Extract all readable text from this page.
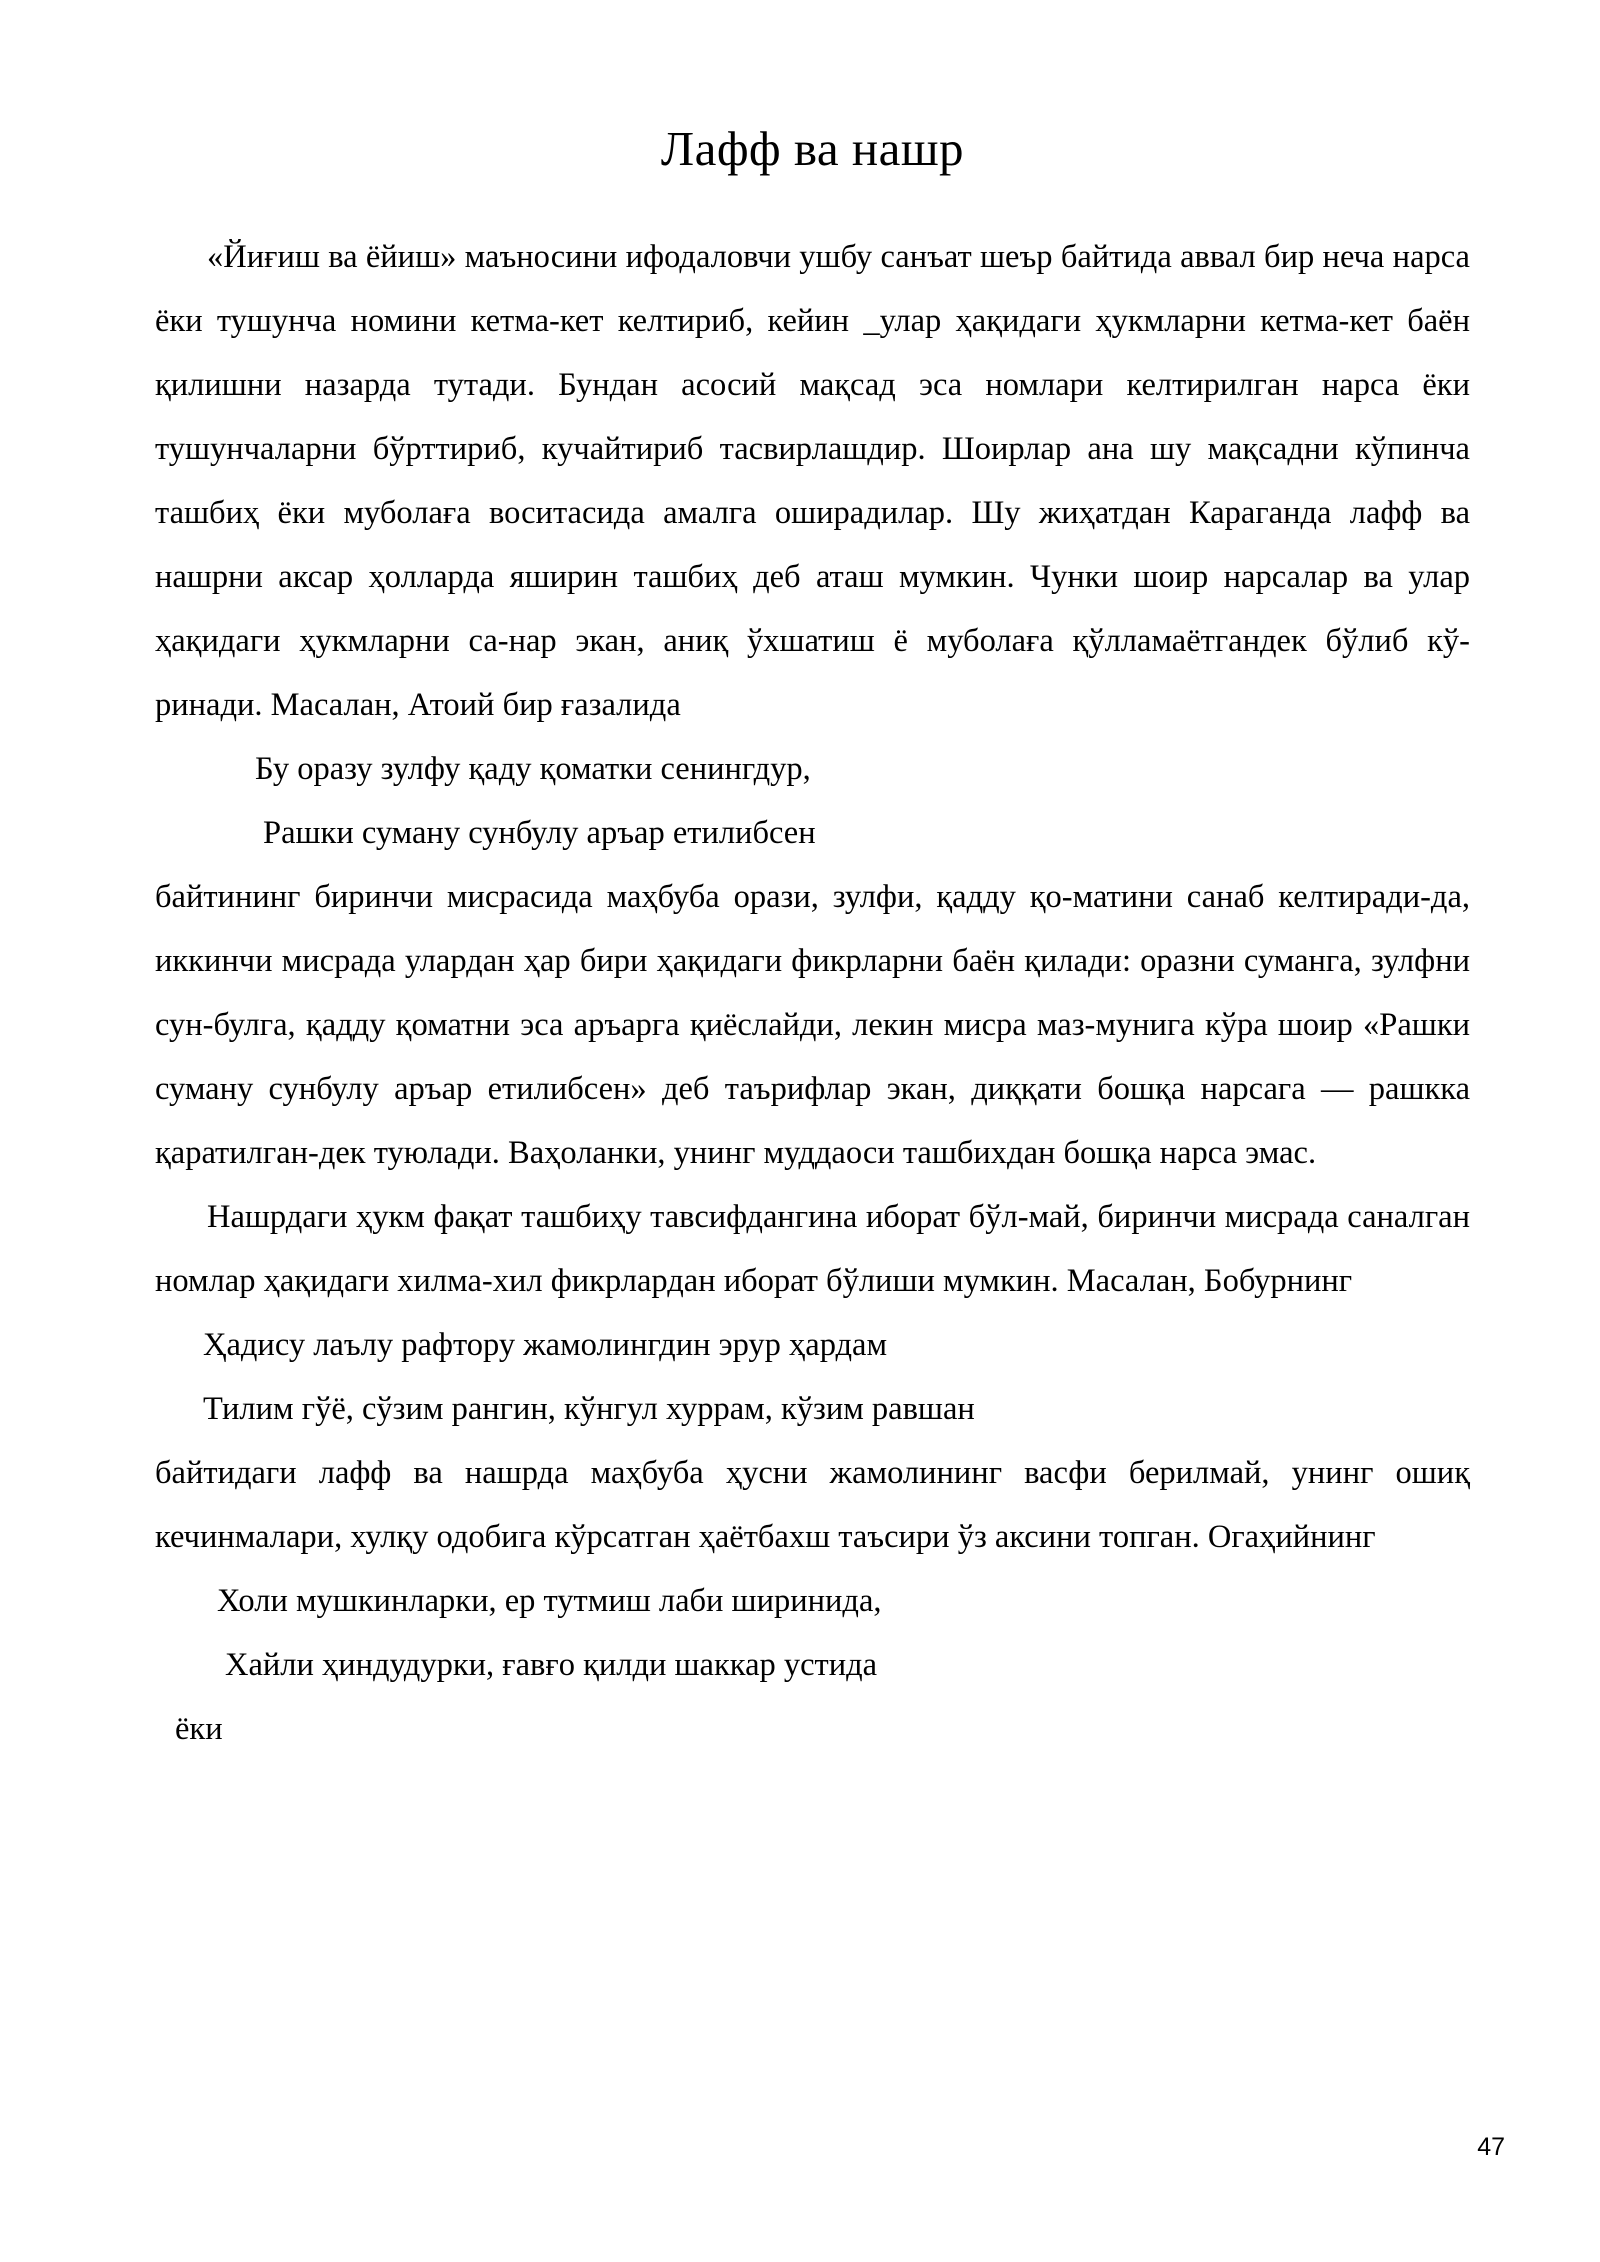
Лафф ва нашр

«Йиғиш ва ёйиш» маъносини ифодаловчи ушбу санъат шеър байтида аввал бир неча нарса ёки тушунча номини кетма-кет келтириб, кейин _улар ҳақидаги ҳукмларни кетма-кет баён қилишни назарда тутади. Бундан асосий мақсад эса номлари келтирилган нарса ёки тушунчаларни бўрттириб, кучайтириб тасвирлашдир. Шоирлар ана шу мақсадни кўпинча ташбиҳ ёки муболаға воситасида амалга оширадилар. Шу жиҳатдан Караганда лафф ва нашрни аксар ҳолларда яширин ташбиҳ деб аташ мумкин. Чунки шоир нарсалар ва улар ҳақидаги ҳукмларни са-нар экан, аниқ ўхшатиш ё муболаға қўлламаётгандек бўлиб кў-ринади. Масалан, Атоий бир ғазалида

Бу оразу зулфу қаду қоматки сенингдур,

Рашки суману сунбулу аръар етилибсен

байтининг биринчи мисрасида маҳбуба орази, зулфи, қадду қо-матини санаб келтиради-да, иккинчи мисрада улардан ҳар бири ҳақидаги фикрларни баён қилади: оразни суманга, зулфни сун-булга, қадду қоматни эса аръарга қиёслайди, лекин мисра маз-мунига кўра шоир «Рашки суману сунбулу аръар етилибсен» деб таърифлар экан, диққати бошқа нарсага — рашкка қаратилган-дек туюлади. Ваҳоланки, унинг муддаоси ташбихдан бошқа нарса эмас.

Нашрдаги ҳукм фақат ташбиҳу тавсифдангина иборат бўл-май, биринчи мисрада саналган номлар ҳақидаги хилма-хил фикрлардан иборат бўлиши мумкин. Масалан, Бобурнинг

Ҳадису лаълу рафтору жамолингдин эрур ҳардам

Тилим гўё, сўзим рангин, кўнгул хуррам, кўзим равшан

байтидаги лафф ва нашрда маҳбуба ҳусни жамолининг васфи берилмай, унинг ошиқ кечинмалари, хулқу одобига кўрсатган ҳаётбахш таъсири ўз аксини топган. Огаҳийнинг

Холи мушкинларки, ер тутмиш лаби ширинида,

Хайли ҳиндудурки, ғавғо қилди шаккар устида

ёки

47
